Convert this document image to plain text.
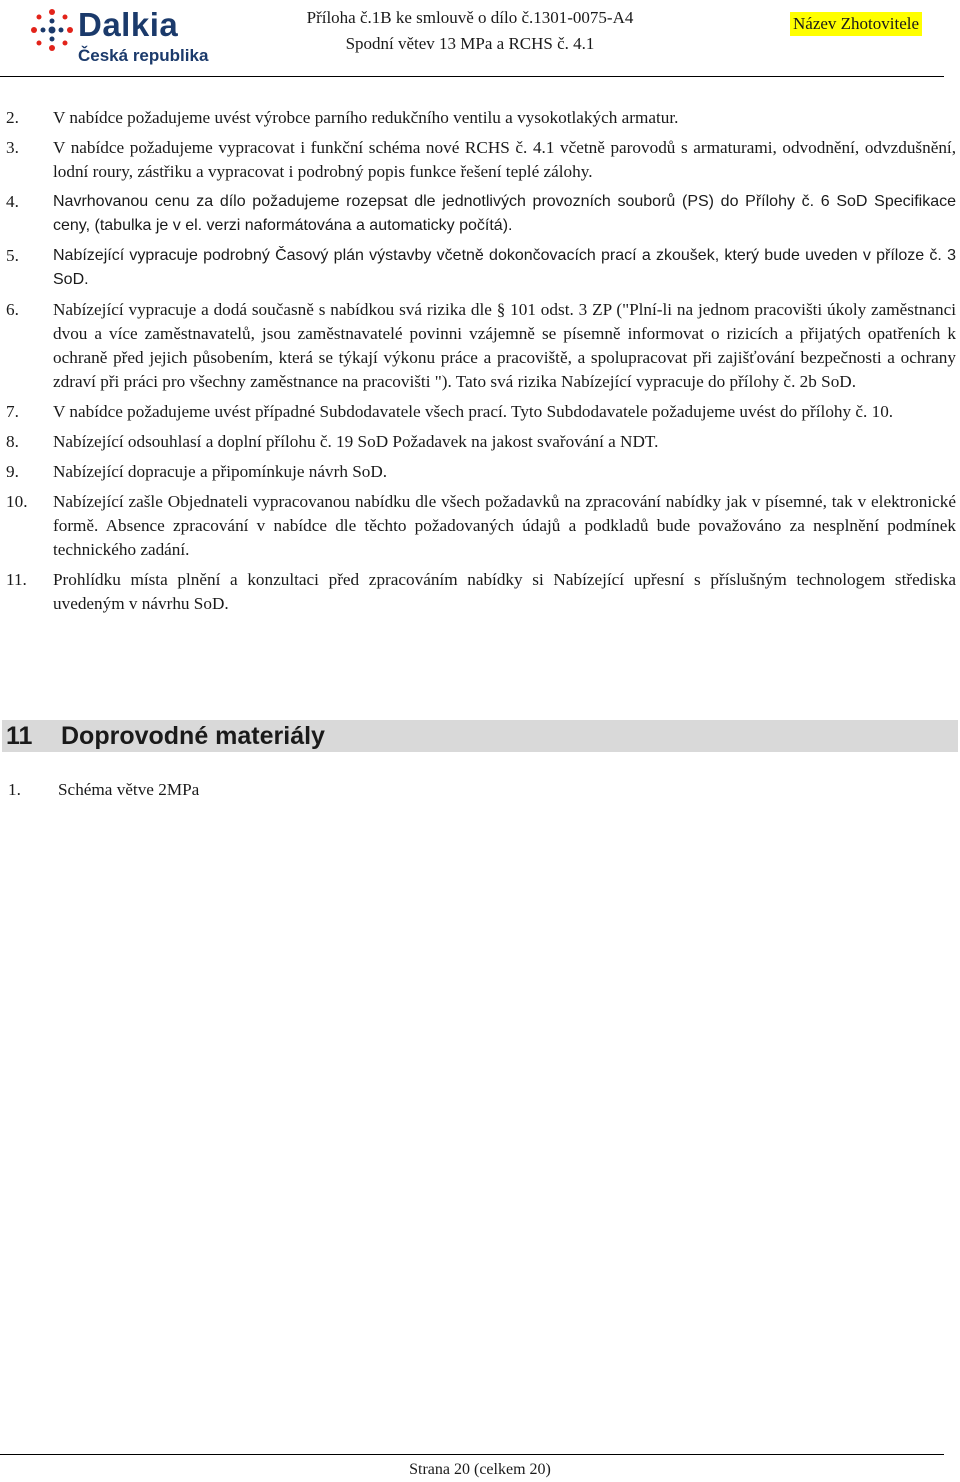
Dalkia
Česká republika
Příloha č.1B ke smlouvě o dílo č.1301-0075-A4
Spodní větev 13 MPa a RCHS č. 4.1
Název Zhotovitele
2.	V nabídce požadujeme uvést výrobce parního redukčního ventilu a vysokotlakých armatur.
3.	V nabídce požadujeme vypracovat i funkční schéma nové RCHS č. 4.1 včetně parovodů s armaturami, odvodnění, odvzdušnění, lodní roury, zástřiku a vypracovat i podrobný popis funkce řešení teplé zálohy.
4.	Navrhovanou cenu za dílo požadujeme rozepsat dle jednotlivých provozních souborů (PS) do Přílohy č. 6 SoD Specifikace ceny, (tabulka je v el. verzi naformátována a automaticky počítá).
5.	Nabízející vypracuje podrobný Časový plán výstavby včetně dokončovacích prací a zkoušek, který bude uveden v příloze č. 3 SoD.
6.	Nabízející vypracuje a dodá současně s nabídkou svá rizika dle § 101 odst. 3 ZP ("Plní-li na jednom pracovišti úkoly zaměstnanci dvou a více zaměstnavatelů, jsou zaměstnavatelé povinni vzájemně se písemně informovat o rizicích a přijatých opatřeních k ochraně před jejich působením, která se týkají výkonu práce a pracoviště, a spolupracovat při zajišťování bezpečnosti a ochrany zdraví při práci pro všechny zaměstnance na pracovišti "). Tato svá rizika Nabízející vypracuje do přílohy č. 2b SoD.
7.	V nabídce požadujeme uvést případné Subdodavatele všech prací. Tyto Subdodavatele požadujeme uvést do přílohy č. 10.
8.	Nabízející odsouhlasí a doplní přílohu č. 19 SoD Požadavek na jakost svařování a NDT.
9.	Nabízející dopracuje a připomínkuje návrh SoD.
10.	Nabízející zašle Objednateli vypracovanou nabídku dle všech požadavků na zpracování nabídky jak v písemné, tak v elektronické formě. Absence zpracování v nabídce dle těchto požadovaných údajů a podkladů bude považováno za nesplnění podmínek technického zadání.
11.	Prohlídku místa plnění a konzultaci před zpracováním nabídky si Nabízející upřesní s příslušným technologem střediska uvedeným v návrhu SoD.
11 Doprovodné materiály
1.	Schéma větve 2MPa
Strana 20 (celkem 20)
